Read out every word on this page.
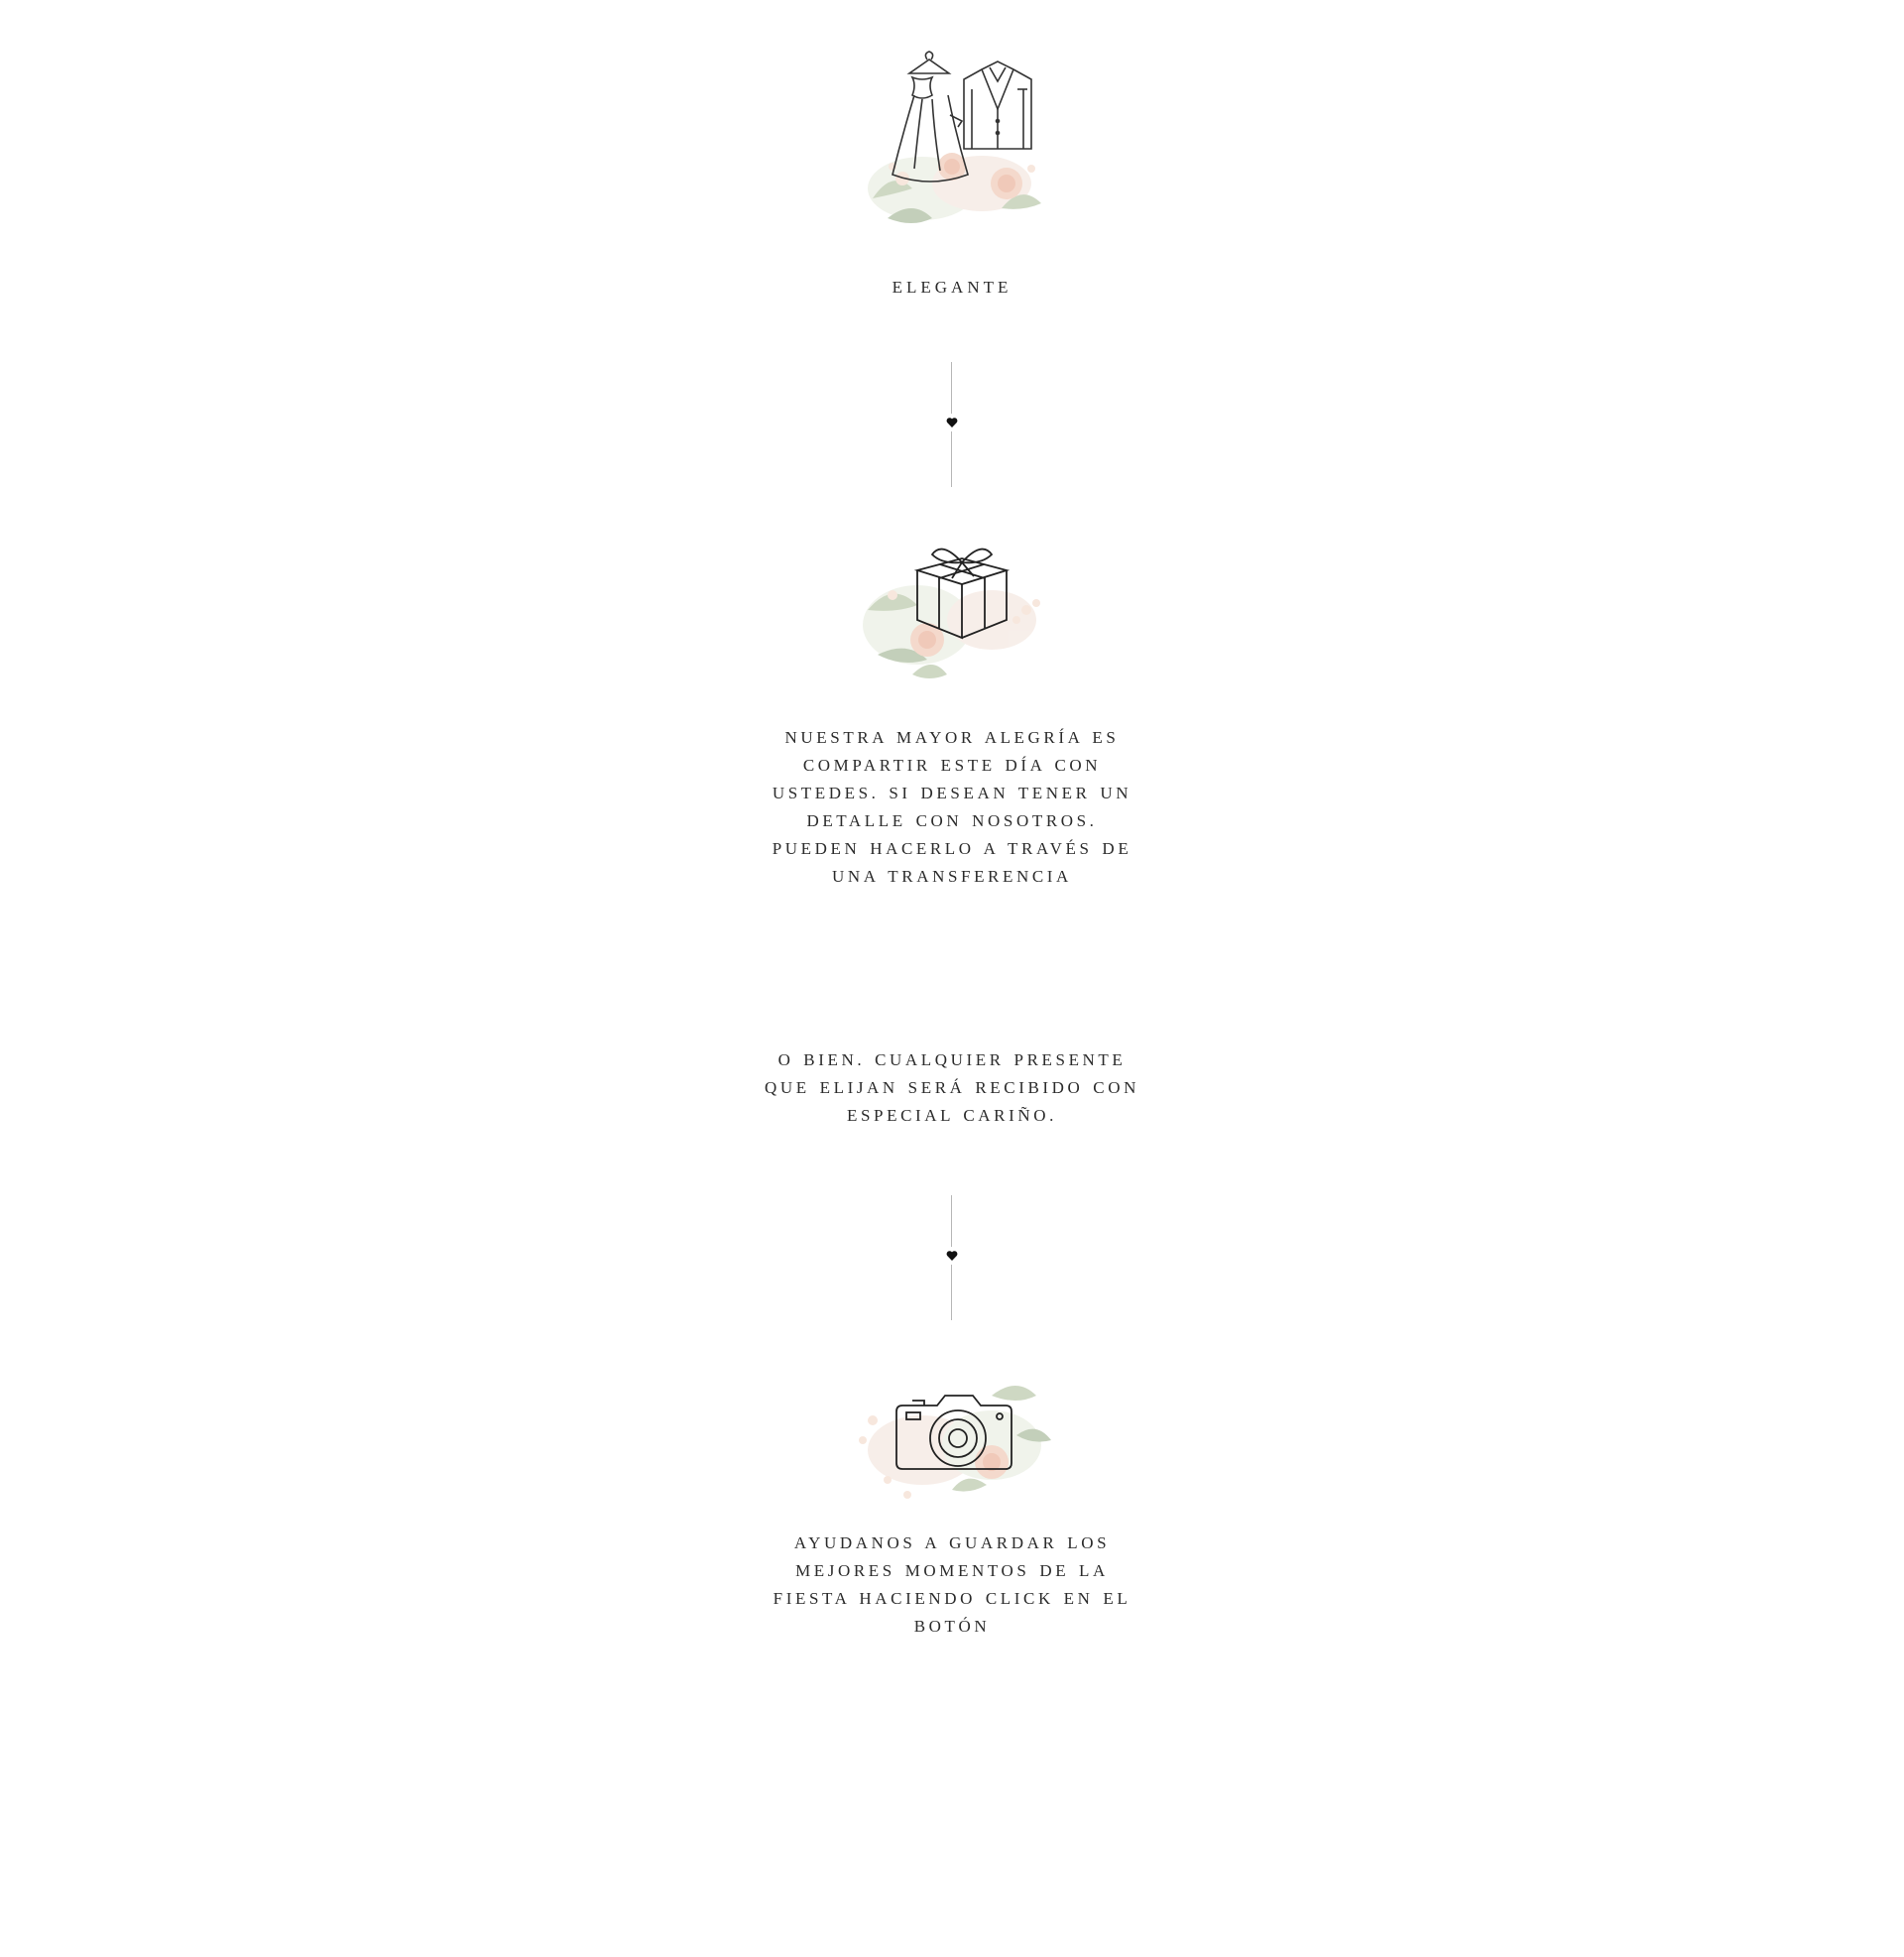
ELEGANTE
NUESTRA MAYOR ALEGRÍA ES
COMPARTIR ESTE DÍA CON
USTEDES. SI DESEAN TENER UN
DETALLE CON NOSOTROS.
PUEDEN HACERLO A TRAVÉS DE
UNA TRANSFERENCIA
O BIEN. CUALQUIER PRESENTE
QUE ELIJAN SERÁ RECIBIDO CON
ESPECIAL CARIÑO.
AYUDANOS A GUARDAR LOS
MEJORES MOMENTOS DE LA
FIESTA HACIENDO CLICK EN EL
BOTÓN
